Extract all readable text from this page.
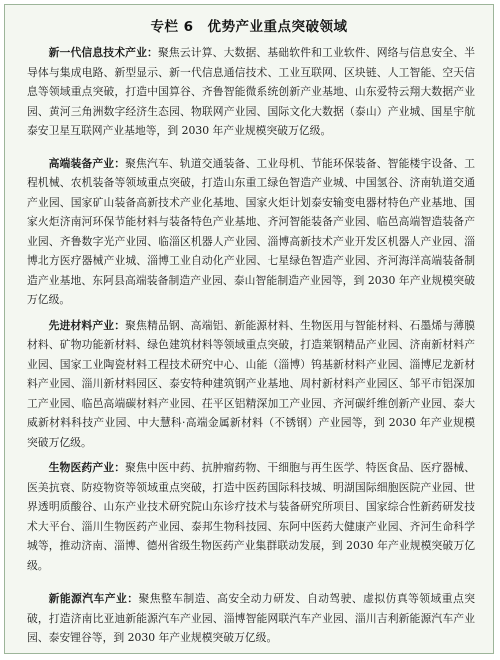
专栏 6 优势产业重点突破领域

新一代信息技术产业：聚焦云计算、大数据、基础软件和工业软件、网络与信息安全、半导体与集成电路、新型显示、新一代信息通信技术、工业互联网、区块链、人工智能、空天信息等领域重点突破，打造中国算谷、齐鲁智能微系统创新产业基地、山东爱特云翔大数据产业园、黄河三角洲数字经济生态园、物联网产业园、国际文化大数据（泰山）产业城、国星宇航泰安卫星互联网产业基地等，到 2030 年产业规模突破万亿级。

高端装备产业：聚焦汽车、轨道交通装备、工业母机、节能环保装备、智能楼宇设备、工程机械、农机装备等领域重点突破，打造山东重工绿色智造产业城、中国氢谷、济南轨道交通产业园、国家矿山装备高新技术产业化基地、国家火炬计划泰安输变电器材特色产业基地、国家火炬济南河环保节能材料与装备特色产业基地、齐河智能装备产业园、临邑高端智造装备产业园、齐鲁数字光产业园、临淄区机器人产业园、淄博高新技术产业开发区机器人产业园、淄博北方医疗器械产业城、淄博工业自动化产业园、七星绿色智造产业园、齐河海洋高端装备制造产业基地、东阿县高端装备制造产业园、泰山智能制造产业园等，到 2030 年产业规模突破万亿级。

先进材料产业：聚焦精品钢、高端铝、新能源材料、生物医用与智能材料、石墨烯与薄膜材料、矿物功能新材料、绿色建筑材料等领域重点突破，打造莱钢精品产业园、济南新材料产业园、国家工业陶瓷材料工程技术研究中心、山能（淄博）钨基新材料产业园、淄博尼龙新材料产业园、淄川新材料园区、泰安特种建筑钢产业基地、周村新材料产业园区、邹平市铝深加工产业园、临邑高端碳材料产业园、茌平区铝精深加工产业园、齐河碳纤维创新产业园、泰大威新材料科技产业园、中大慧科·高端金属新材料（不锈钢）产业园等，到 2030 年产业规模突破万亿级。

生物医药产业：聚焦中医中药、抗肿瘤药物、干细胞与再生医学、特医食品、医疗器械、医美抗衰、防疫物资等领域重点突破，打造中医药国际科技城、明湖国际细胞医院产业园、世界透明质酸谷、山东产业技术研究院山东诊疗技术与装备研究所项目、国家综合性新药研发技术大平台、淄川生物医药产业园、泰邦生物科技园、东阿中医药大健康产业园、齐河生命科学城等，推动济南、淄博、德州省级生物医药产业集群联动发展，到 2030 年产业规模突破万亿级。

新能源汽车产业：聚焦整车制造、高安全动力研发、自动驾驶、虚拟仿真等领域重点突破，打造济南比亚迪新能源汽车产业园、淄博智能网联汽车产业园、淄川吉利新能源汽车产业园、泰安锂谷等，到 2030 年产业规模突破万亿级。
